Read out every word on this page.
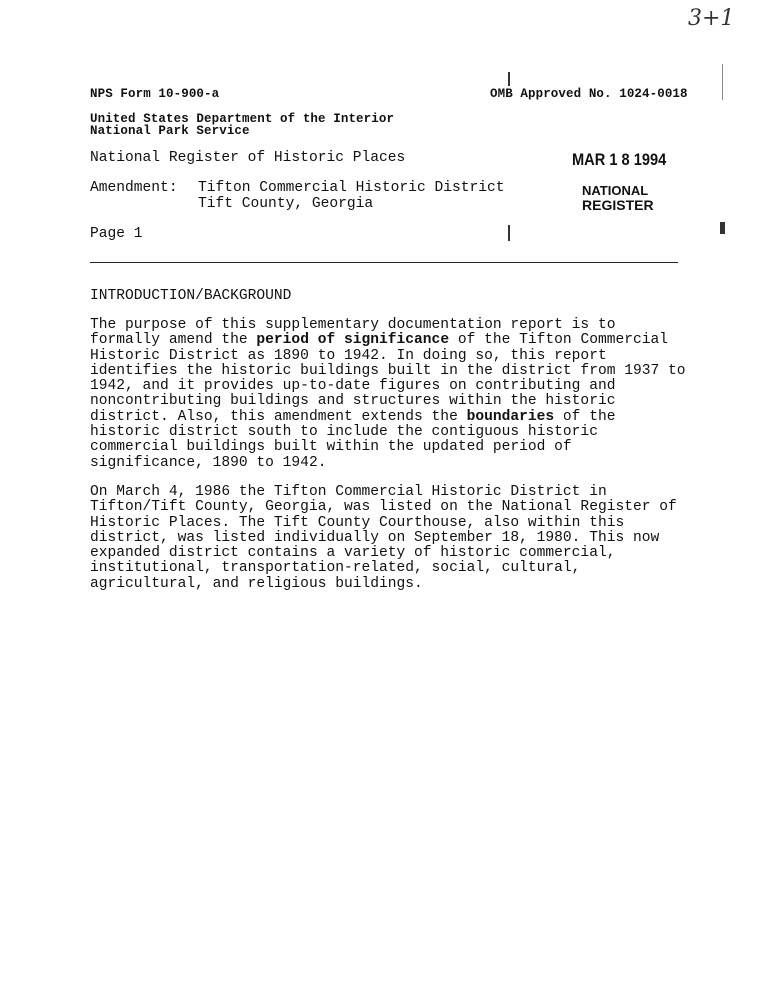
3+1
NPS Form 10-900-a	OMB Approved No. 1024-0018
United States Department of the Interior
National Park Service
National Register of Historic Places	MAR 1 8 1994
NATIONAL
REGISTER
Amendment: Tifton Commercial Historic District
Tift County, Georgia
Page 1
INTRODUCTION/BACKGROUND

The purpose of this supplementary documentation report is to formally amend the period of significance of the Tifton Commercial Historic District as 1890 to 1942. In doing so, this report identifies the historic buildings built in the district from 1937 to 1942, and it provides up-to-date figures on contributing and noncontributing buildings and structures within the historic district. Also, this amendment extends the boundaries of the historic district south to include the contiguous historic commercial buildings built within the updated period of significance, 1890 to 1942.

On March 4, 1986 the Tifton Commercial Historic District in Tifton/Tift County, Georgia, was listed on the National Register of Historic Places. The Tift County Courthouse, also within this district, was listed individually on September 18, 1980. This now expanded district contains a variety of historic commercial, institutional, transportation-related, social, cultural, agricultural, and religious buildings.
